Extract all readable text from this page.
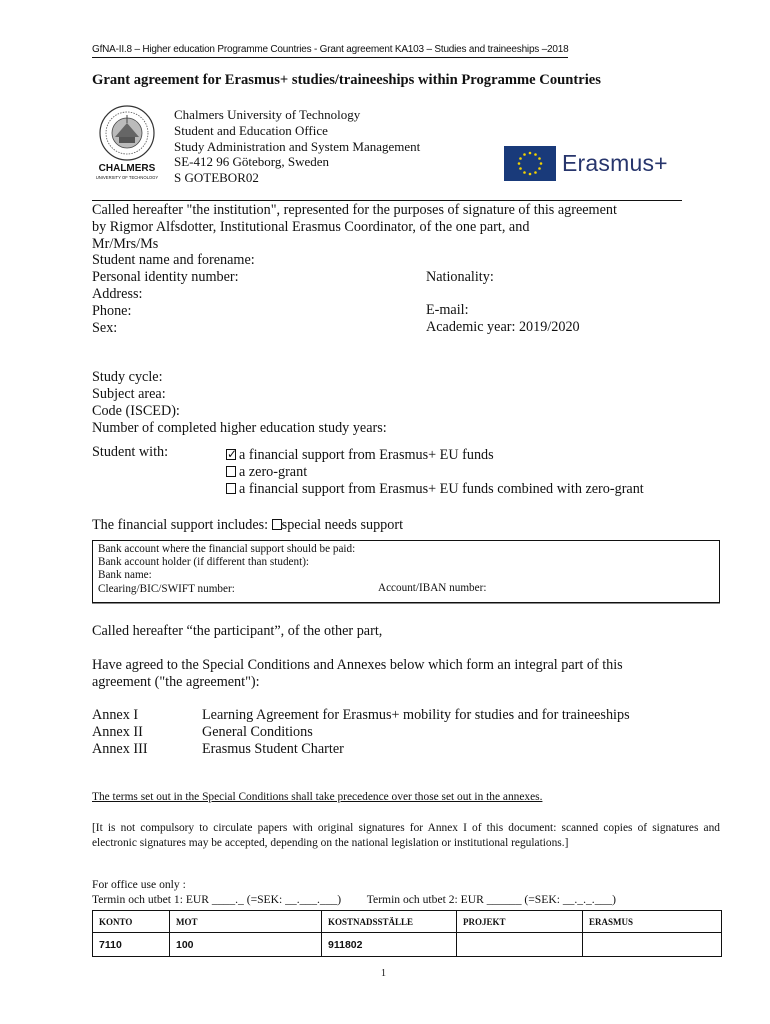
GfNA-II.8 – Higher education Programme Countries - Grant agreement KA103 – Studies and traineeships –2018
Grant agreement for Erasmus+ studies/traineeships within Programme Countries
CHALMERS
UNIVERSITY OF TECHNOLOGY
Chalmers University of Technology
Student and Education Office
Study Administration and System Management
SE-412 96 Göteborg, Sweden
S GOTEBOR02
Erasmus+
Called hereafter "the institution", represented for the purposes of signature of this agreement
by Rigmor Alfsdotter, Institutional Erasmus Coordinator, of the one part, and
Mr/Mrs/Ms
Student name and forename:
Personal identity number:
Address:
Phone:
Sex:
Nationality:
E-mail:
Academic year: 2019/2020
Study cycle:
Subject area:
Code (ISCED):
Number of completed higher education study years:
Student with: ✓	a financial support from Erasmus+ EU funds
a zero-grant
a financial support from Erasmus+ EU funds combined with zero-grant
The financial support includes: special needs support
Bank account where the financial support should be paid:
Bank account holder (if different than student):
Bank name:
Clearing/BIC/SWIFT number:	Account/IBAN number:
Called hereafter “the participant”, of the other part,
Have agreed to the Special Conditions and Annexes below which form an integral part of this
agreement ("the agreement"):
Annex I	Learning Agreement for Erasmus+ mobility for studies and for traineeships
Annex II	General Conditions
Annex III	Erasmus Student Charter
The terms set out in the Special Conditions shall take precedence over those set out in the annexes.
[It is not compulsory to circulate papers with original signatures for Annex I of this document: scanned copies of signatures and electronic signatures may be accepted, depending on the national legislation or institutional regulations.]
For office use only :
Termin och utbet 1: EUR ____._ (=SEK: __.___.___) Termin och utbet 2: EUR ______ (=SEK: __._._.___)
KONTO	MOT	KOSTNADSSTÄLLE	PROJEKT	ERASMUS
7110	100	911802		
1
